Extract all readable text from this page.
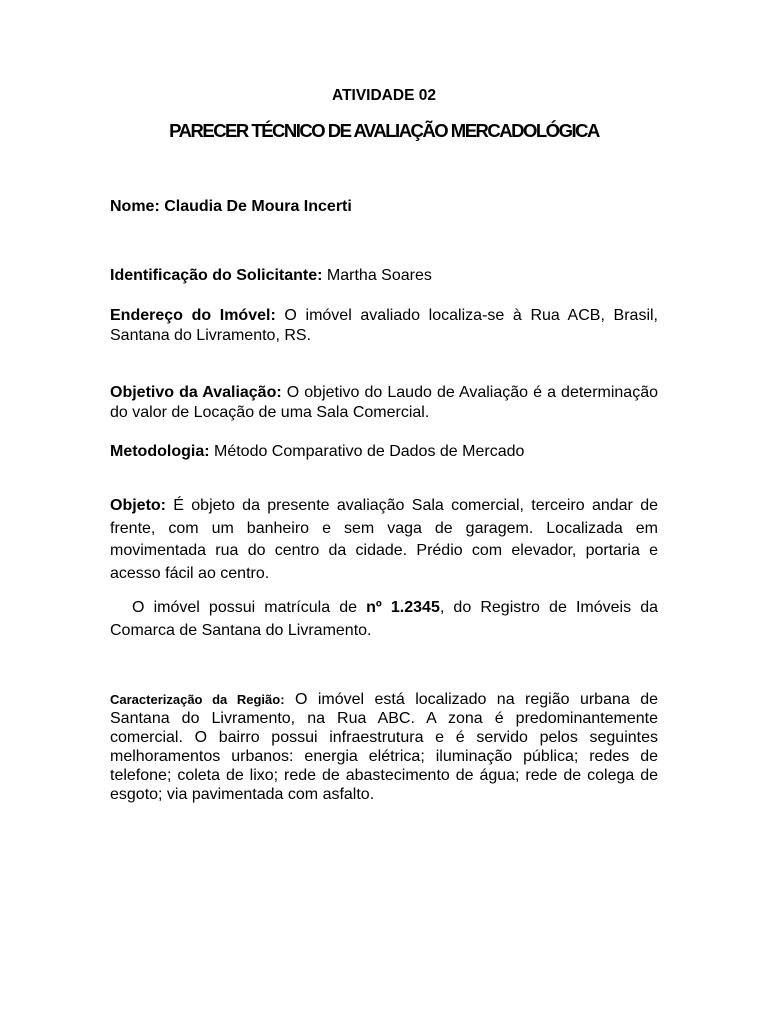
ATIVIDADE 02
PARECER TÉCNICO DE AVALIAÇÃO MERCADOLÓGICA
Nome: Claudia De Moura Incerti
Identificação do Solicitante: Martha Soares
Endereço do Imóvel: O imóvel avaliado localiza-se à Rua ACB, Brasil, Santana do Livramento, RS.
Objetivo da Avaliação: O objetivo do Laudo de Avaliação é a determinação do valor de Locação de uma Sala Comercial.
Metodologia: Método Comparativo de Dados de Mercado
Objeto: É objeto da presente avaliação Sala comercial, terceiro andar de frente, com um banheiro e sem vaga de garagem. Localizada em movimentada rua do centro da cidade. Prédio com elevador, portaria e acesso fácil ao centro.
O imóvel possui matrícula de nº 1.2345, do Registro de Imóveis da Comarca de Santana do Livramento.
Caracterização da Região: O imóvel está localizado na região urbana de Santana do Livramento, na Rua ABC. A zona é predominantemente comercial. O bairro possui infraestrutura e é servido pelos seguintes melhoramentos urbanos: energia elétrica; iluminação pública; redes de telefone; coleta de lixo; rede de abastecimento de água; rede de colega de esgoto; via pavimentada com asfalto.
